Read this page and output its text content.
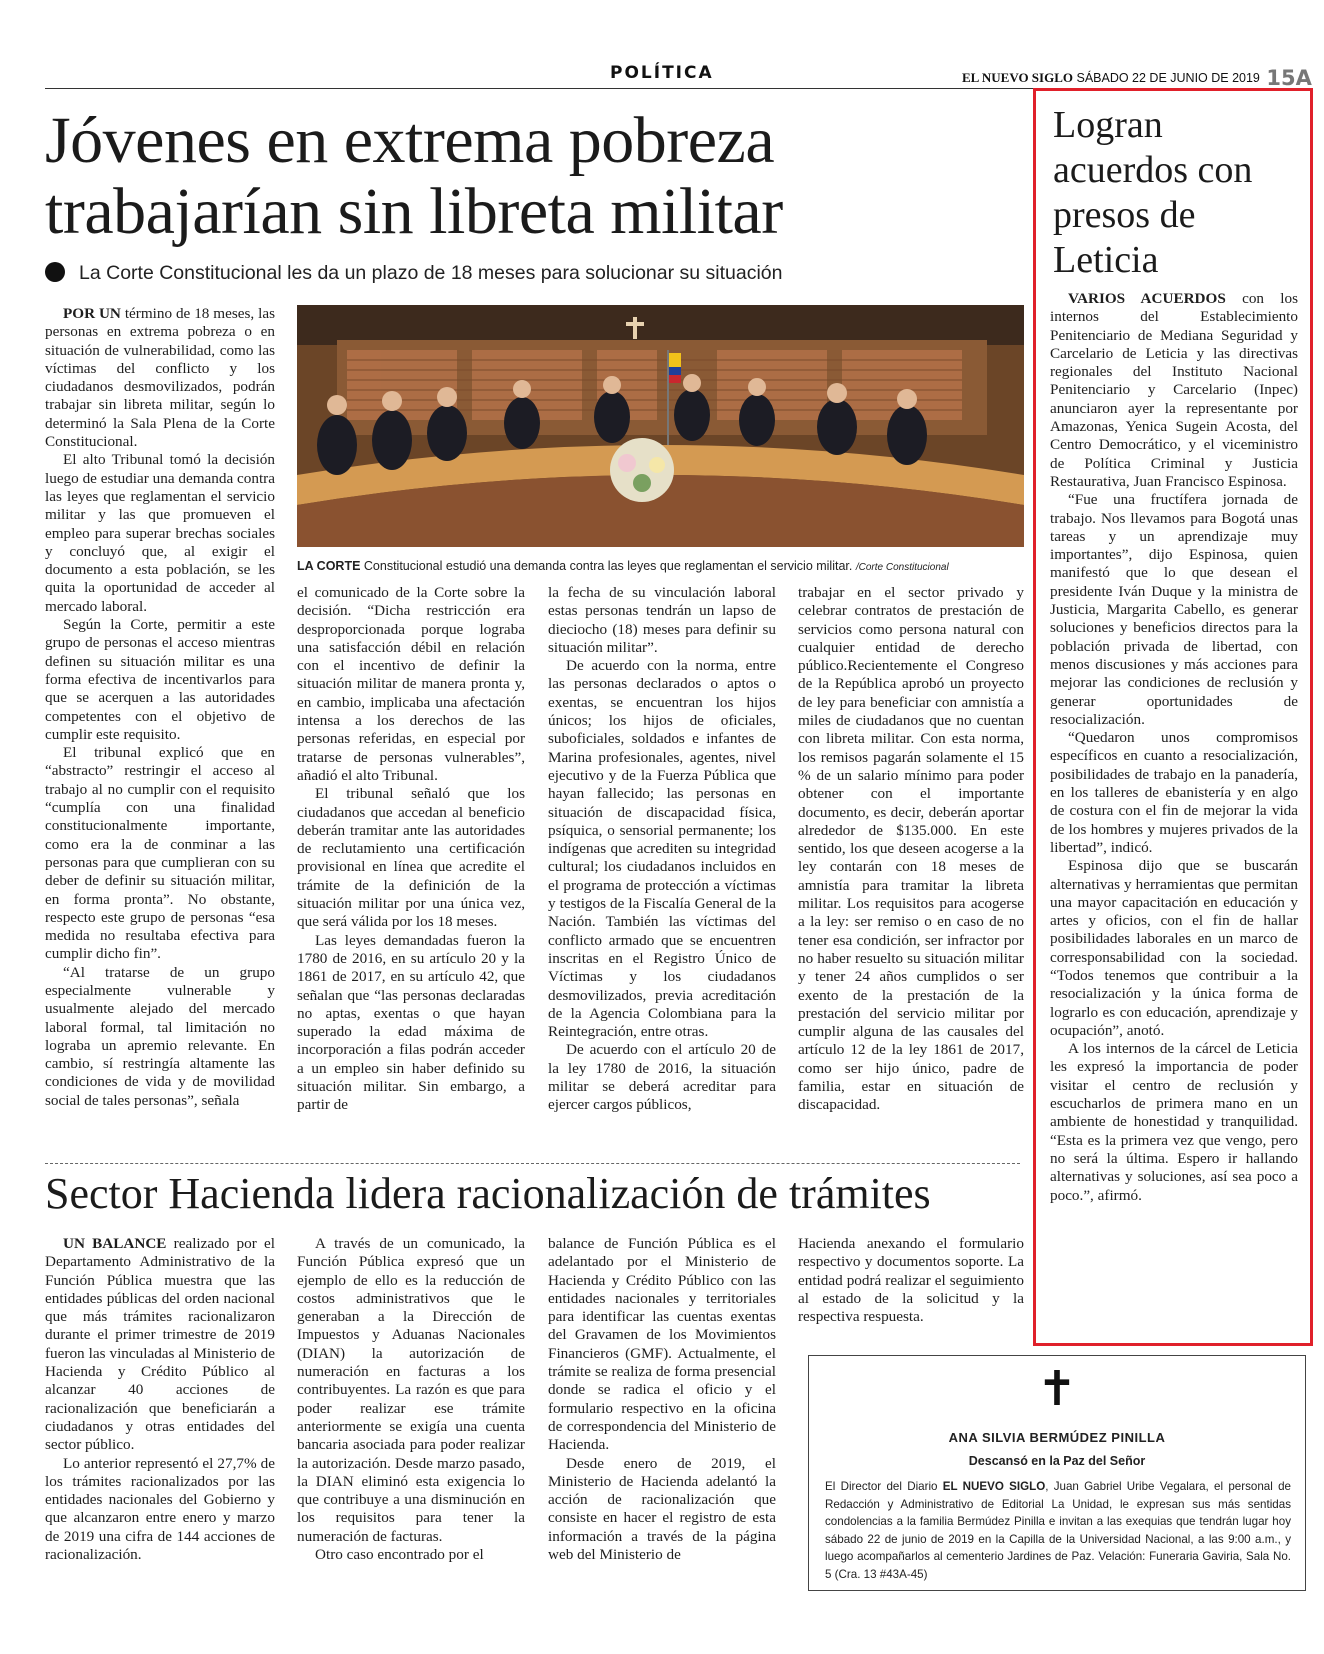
POLÍTICA	EL NUEVO SIGLO SÁBADO 22 DE JUNIO DE 2019 15A
Jóvenes en extrema pobreza trabajarían sin libreta militar
La Corte Constitucional les da un plazo de 18 meses para solucionar su situación

POR UN término de 18 meses, las personas en extrema pobreza o en situación de vulnerabilidad, como las víctimas del conflicto y los ciudadanos desmovilizados, podrán trabajar sin libreta militar, según lo determinó la Sala Plena de la Corte Constitucional.

El alto Tribunal tomó la decisión luego de estudiar una demanda contra las leyes que reglamentan el servicio militar y las que promueven el empleo para superar brechas sociales y concluyó que, al exigir el documento a esta población, se les quita la oportunidad de acceder al mercado laboral.

Según la Corte, permitir a este grupo de personas el acceso mientras definen su situación militar es una forma efectiva de incentivarlos para que se acerquen a las autoridades competentes con el objetivo de cumplir este requisito.

El tribunal explicó que en “abstracto” restringir el acceso al trabajo al no cumplir con el requisito “cumplía con una finalidad constitucionalmente importante, como era la de conminar a las personas para que cumplieran con su deber de definir su situación militar, en forma pronta”. No obstante, respecto este grupo de personas “esa medida no resultaba efectiva para cumplir dicho fin”.

“Al tratarse de un grupo especialmente vulnerable y usualmente alejado del mercado laboral formal, tal limitación no lograba un apremio relevante. En cambio, sí restringía altamente las condiciones de vida y de movilidad social de tales personas”, señala

LA CORTE Constitucional estudió una demanda contra las leyes que reglamentan el servicio militar. /Corte Constitucional

el comunicado de la Corte sobre la decisión. “Dicha restricción era desproporcionada porque lograba una satisfacción débil en relación con el incentivo de definir la situación militar de manera pronta y, en cambio, implicaba una afectación intensa a los derechos de las personas referidas, en especial por tratarse de personas vulnerables”, añadió el alto Tribunal.

El tribunal señaló que los ciudadanos que accedan al beneficio deberán tramitar ante las autoridades de reclutamiento una certificación provisional en línea que acredite el trámite de la definición de la situación militar por una única vez, que será válida por los 18 meses.

Las leyes demandadas fueron la 1780 de 2016, en su artículo 20 y la 1861 de 2017, en su artículo 42, que señalan que “las personas declaradas no aptas, exentas o que hayan superado la edad máxima de incorporación a filas podrán acceder a un empleo sin haber definido su situación militar. Sin embargo, a partir de

la fecha de su vinculación laboral estas personas tendrán un lapso de dieciocho (18) meses para definir su situación militar”.

De acuerdo con la norma, entre las personas declarados o aptos o exentas, se encuentran los hijos únicos; los hijos de oficiales, suboficiales, soldados e infantes de Marina profesionales, agentes, nivel ejecutivo y de la Fuerza Pública que hayan fallecido; las personas en situación de discapacidad física, psíquica, o sensorial permanente; los indígenas que acrediten su integridad cultural; los ciudadanos incluidos en el programa de protección a víctimas y testigos de la Fiscalía General de la Nación. También las víctimas del conflicto armado que se encuentren inscritas en el Registro Único de Víctimas y los ciudadanos desmovilizados, previa acreditación de la Agencia Colombiana para la Reintegración, entre otras.

De acuerdo con el artículo 20 de la ley 1780 de 2016, la situación militar se deberá acreditar para ejercer cargos públicos,

trabajar en el sector privado y celebrar contratos de prestación de servicios como persona natural con cualquier entidad de derecho público.Recientemente el Congreso de la República aprobó un proyecto de ley para beneficiar con amnistía a miles de ciudadanos que no cuentan con libreta militar. Con esta norma, los remisos pagarán solamente el 15 % de un salario mínimo para poder obtener con el importante documento, es decir, deberán aportar alrededor de $135.000. En este sentido, los que deseen acogerse a la ley contarán con 18 meses de amnistía para tramitar la libreta militar. Los requisitos para acogerse a la ley: ser remiso o en caso de no tener esa condición, ser infractor por no haber resuelto su situación militar y tener 24 años cumplidos o ser exento de la prestación de la prestación del servicio militar por cumplir alguna de las causales del artículo 12 de la ley 1861 de 2017, como ser hijo único, padre de familia, estar en situación de discapacidad.

Sector Hacienda lidera racionalización de trámites

UN BALANCE realizado por el Departamento Administrativo de la Función Pública muestra que las entidades públicas del orden nacional que más trámites racionalizaron durante el primer trimestre de 2019 fueron las vinculadas al Ministerio de Hacienda y Crédito Público al alcanzar 40 acciones de racionalización que beneficiarán a ciudadanos y otras entidades del sector público.

Lo anterior representó el 27,7% de los trámites racionalizados por las entidades nacionales del Gobierno y que alcanzaron entre enero y marzo de 2019 una cifra de 144 acciones de racionalización.

A través de un comunicado, la Función Pública expresó que un ejemplo de ello es la reducción de costos administrativos que le generaban a la Dirección de Impuestos y Aduanas Nacionales (DIAN) la autorización de numeración en facturas a los contribuyentes. La razón es que para poder realizar ese trámite anteriormente se exigía una cuenta bancaria asociada para poder realizar la autorización. Desde marzo pasado, la DIAN eliminó esta exigencia lo que contribuye a una disminución en los requisitos para tener la numeración de facturas.

Otro caso encontrado por el

balance de Función Pública es el adelantado por el Ministerio de Hacienda y Crédito Público con las entidades nacionales y territoriales para identificar las cuentas exentas del Gravamen de los Movimientos Financieros (GMF). Actualmente, el trámite se realiza de forma presencial donde se radica el oficio y el formulario respectivo en la oficina de correspondencia del Ministerio de Hacienda.

Desde enero de 2019, el Ministerio de Hacienda adelantó la acción de racionalización que consiste en hacer el registro de esta información a través de la página web del Ministerio de

Hacienda anexando el formulario respectivo y documentos soporte. La entidad podrá realizar el seguimiento al estado de la solicitud y la respectiva respuesta.

Logran acuerdos con presos de Leticia

VARIOS ACUERDOS con los internos del Establecimiento Penitenciario de Mediana Seguridad y Carcelario de Leticia y las directivas regionales del Instituto Nacional Penitenciario y Carcelario (Inpec) anunciaron ayer la representante por Amazonas, Yenica Sugein Acosta, del Centro Democrático, y el viceministro de Política Criminal y Justicia Restaurativa, Juan Francisco Espinosa.

“Fue una fructífera jornada de trabajo. Nos llevamos para Bogotá unas tareas y un aprendizaje muy importantes”, dijo Espinosa, quien manifestó que lo que desean el presidente Iván Duque y la ministra de Justicia, Margarita Cabello, es generar soluciones y beneficios directos para la población privada de libertad, con menos discusiones y más acciones para mejorar las condiciones de reclusión y generar oportunidades de resocialización.

“Quedaron unos compromisos específicos en cuanto a resocialización, posibilidades de trabajo en la panadería, en los talleres de ebanistería y en algo de costura con el fin de mejorar la vida de los hombres y mujeres privados de la libertad”, indicó.

Espinosa dijo que se buscarán alternativas y herramientas que permitan una mayor capacitación en educación y artes y oficios, con el fin de hallar posibilidades laborales en un marco de corresponsabilidad con la sociedad. “Todos tenemos que contribuir a la resocialización y la única forma de lograrlo es con educación, aprendizaje y ocupación”, anotó.

A los internos de la cárcel de Leticia les expresó la importancia de poder visitar el centro de reclusión y escucharlos de primera mano en un ambiente de honestidad y tranquilidad. “Esta es la primera vez que vengo, pero no será la última. Espero ir hallando alternativas y soluciones, así sea poco a poco.”, afirmó.

✝
ANA SILVIA BERMÚDEZ PINILLA
Descansó en la Paz del Señor
El Director del Diario EL NUEVO SIGLO, Juan Gabriel Uribe Vegalara, el personal de Redacción y Administrativo de Editorial La Unidad, le expresan sus más sentidas condolencias a la familia Bermúdez Pinilla e invitan a las exequias que tendrán lugar hoy sábado 22 de junio de 2019 en la Capilla de la Universidad Nacional, a las 9:00 a.m., y luego acompañarlos al cementerio Jardines de Paz. Velación: Funeraria Gaviria, Sala No. 5 (Cra. 13 #43A-45)
